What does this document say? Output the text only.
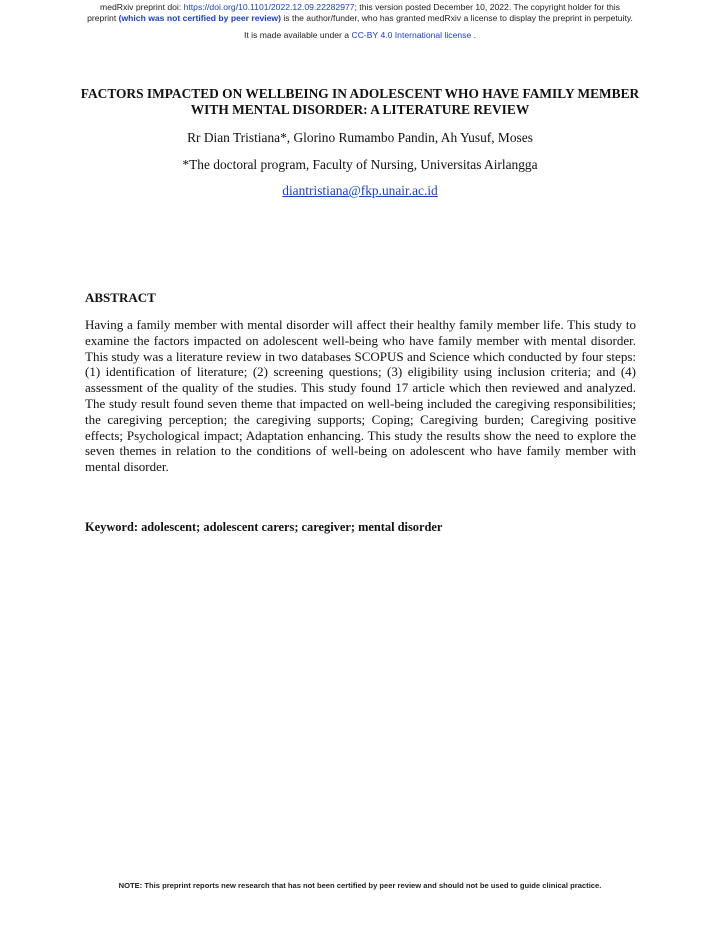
medRxiv preprint doi: https://doi.org/10.1101/2022.12.09.22282977; this version posted December 10, 2022. The copyright holder for this
preprint (which was not certified by peer review) is the author/funder, who has granted medRxiv a license to display the preprint in perpetuity.
It is made available under a CC-BY 4.0 International license .
FACTORS IMPACTED ON WELLBEING IN ADOLESCENT WHO HAVE FAMILY MEMBER WITH MENTAL DISORDER: A LITERATURE REVIEW
Rr Dian Tristiana*, Glorino Rumambo Pandin, Ah Yusuf, Moses
*The doctoral program, Faculty of Nursing, Universitas Airlangga
diantristiana@fkp.unair.ac.id
ABSTRACT
Having a family member with mental disorder will affect their healthy family member life. This study to examine the factors impacted on adolescent well-being who have family member with mental disorder. This study was a literature review in two databases SCOPUS and Science which conducted by four steps: (1) identification of literature; (2) screening questions; (3) eligibility using inclusion criteria; and (4) assessment of the quality of the studies. This study found 17 article which then reviewed and analyzed. The study result found seven theme that impacted on well-being included the caregiving responsibilities; the caregiving perception; the caregiving supports; Coping; Caregiving burden; Caregiving positive effects; Psychological impact; Adaptation enhancing. This study the results show the need to explore the seven themes in relation to the conditions of well-being on adolescent who have family member with mental disorder.
Keyword: adolescent; adolescent carers; caregiver; mental disorder
NOTE: This preprint reports new research that has not been certified by peer review and should not be used to guide clinical practice.
